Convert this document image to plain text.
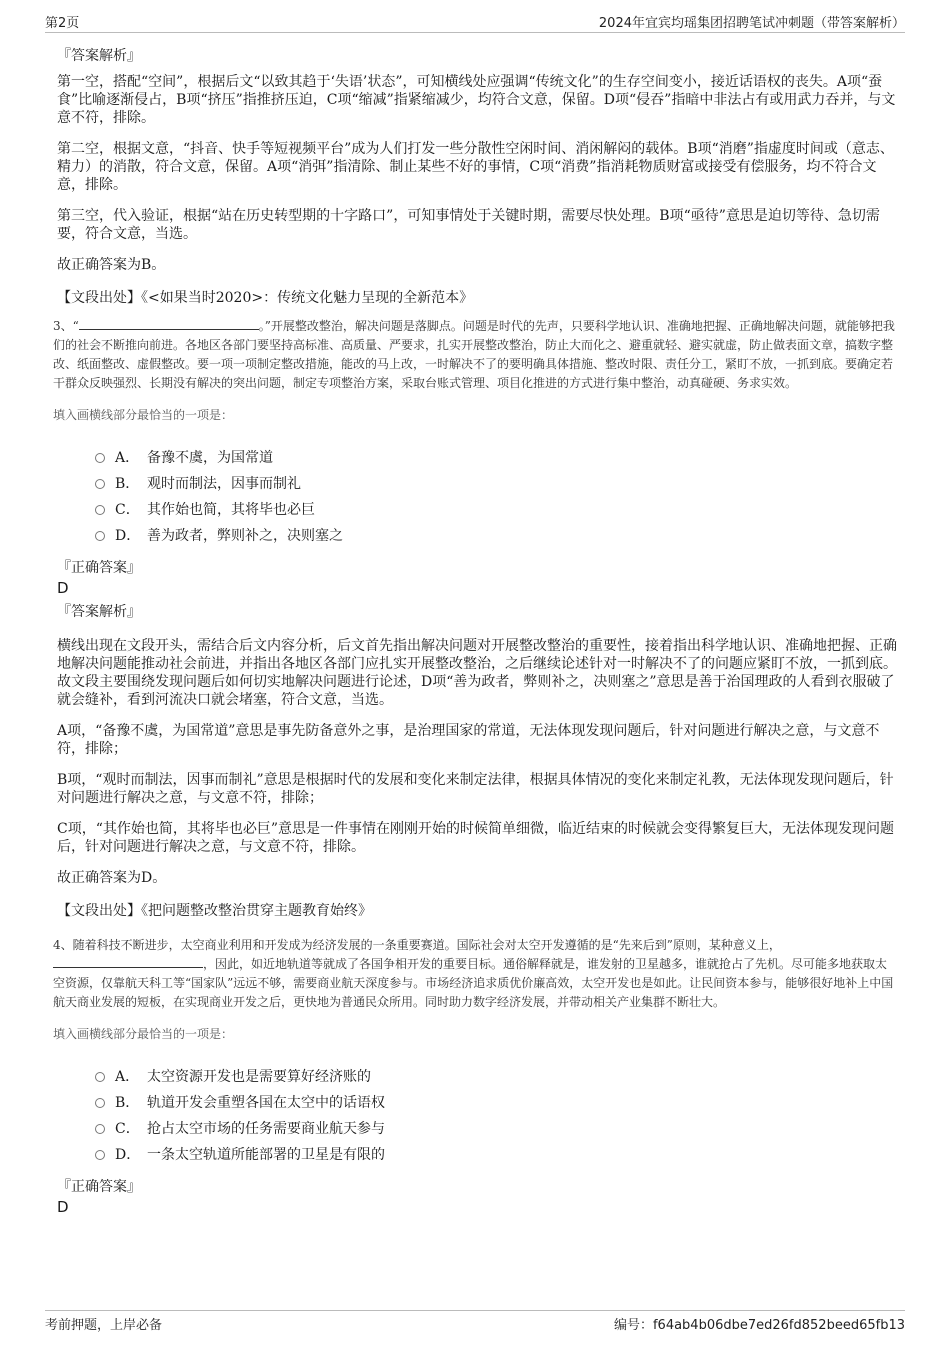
第2页	2024年宜宾均瑶集团招聘笔试冲刺题（带答案解析）
『答案解析』

第一空，搭配“空间”，根据后文“以致其趋于‘失语’状态”，可知横线处应强调“传统文化”的生存空间变小，接近话语权的丧失。A项“蚕食”比喻逐渐侵占，B项“挤压”指推挤压迫，C项“缩减”指紧缩减少，均符合文意，保留。D项“侵吞”指暗中非法占有或用武力吞并，与文意不符，排除。

第二空，根据文意，“抖音、快手等短视频平台”成为人们打发一些分散性空闲时间、消闲解闷的载体。B项“消磨”指虚度时间或（意志、精力）的消散，符合文意，保留。A项“消弭”指清除、制止某些不好的事情，C项“消费”指消耗物质财富或接受有偿服务，均不符合文意，排除。

第三空，代入验证，根据“站在历史转型期的十字路口”，可知事情处于关键时期，需要尽快处理。B项“亟待”意思是迫切等待、急切需要，符合文意，当选。

故正确答案为B。

【文段出处】《<如果当时2020>：传统文化魅力呈现的全新范本》

3、“	。”开展整改整治，解决问题是落脚点。问题是时代的先声，只要科学地认识、准确地把握、正确地解决问题，就能够把我们的社会不断推向前进。各地区各部门要坚持高标准、高质量、严要求，扎实开展整改整治，防止大而化之、避重就轻、避实就虚，防止做表面文章，搞数字整改、纸面整改、虚假整改。要一项一项制定整改措施，能改的马上改，一时解决不了的要明确具体措施、整改时限、责任分工，紧盯不放，一抓到底。要确定若干群众反映强烈、长期没有解决的突出问题，制定专项整治方案，采取台账式管理、项目化推进的方式进行集中整治，动真碰硬、务求实效。

填入画横线部分最恰当的一项是：
A． 备豫不虞，为国常道
B． 观时而制法，因事而制礼
C． 其作始也简，其将毕也必巨
D． 善为政者，弊则补之，决则塞之
『正确答案』
D
『答案解析』

横线出现在文段开头，需结合后文内容分析，后文首先指出解决问题对开展整改整治的重要性，接着指出科学地认识、准确地把握、正确地解决问题能推动社会前进，并指出各地区各部门应扎实开展整改整治，之后继续论述针对一时解决不了的问题应紧盯不放，一抓到底。故文段主要围绕发现问题后如何切实地解决问题进行论述，D项“善为政者，弊则补之，决则塞之”意思是善于治国理政的人看到衣服破了就会缝补，看到河流决口就会堵塞，符合文意，当选。

A项，“备豫不虞，为国常道”意思是事先防备意外之事，是治理国家的常道，无法体现发现问题后，针对问题进行解决之意，与文意不符，排除；

B项，“观时而制法，因事而制礼”意思是根据时代的发展和变化来制定法律，根据具体情况的变化来制定礼教，无法体现发现问题后，针对问题进行解决之意，与文意不符，排除；

C项，“其作始也简，其将毕也必巨”意思是一件事情在刚刚开始的时候简单细微，临近结束的时候就会变得繁复巨大，无法体现发现问题后，针对问题进行解决之意，与文意不符，排除。

故正确答案为D。

【文段出处】《把问题整改整治贯穿主题教育始终》

4、随着科技不断进步，太空商业利用和开发成为经济发展的一条重要赛道。国际社会对太空开发遵循的是“先来后到”原则，某种意义上，，因此，如近地轨道等就成了各国争相开发的重要目标。通俗解释就是，谁发射的卫星越多，谁就抢占了先机。尽可能多地获取太空资源，仅靠航天科工等“国家队”远远不够，需要商业航天深度参与。市场经济追求质优价廉高效，太空开发也是如此。让民间资本参与，能够很好地补上中国航天商业发展的短板，在实现商业开发之后，更快地为普通民众所用。同时助力数字经济发展，并带动相关产业集群不断壮大。

填入画横线部分最恰当的一项是：
A． 太空资源开发也是需要算好经济账的
B． 轨道开发会重塑各国在太空中的话语权
C． 抢占太空市场的任务需要商业航天参与
D． 一条太空轨道所能部署的卫星是有限的
『正确答案』
D
考前押题，上岸必备	编号：f64ab4b06dbe7ed26fd852beed65fb13
